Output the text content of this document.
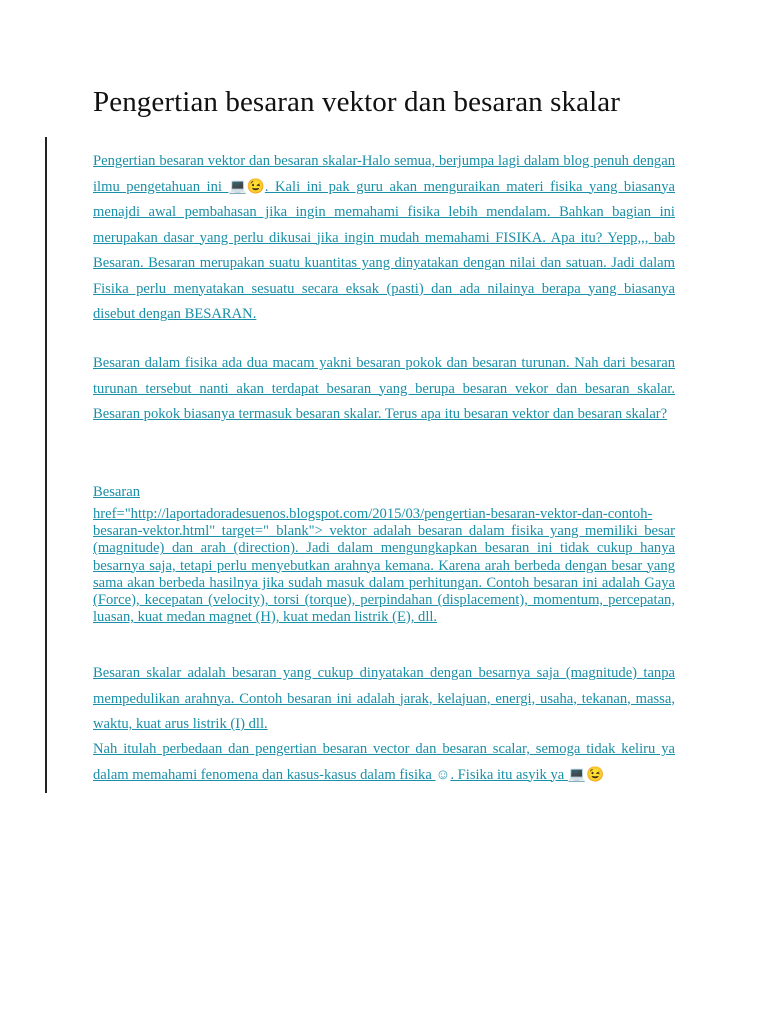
Pengertian besaran vektor dan besaran skalar

Pengertian besaran vektor dan besaran skalar-Halo semua, berjumpa lagi dalam blog penuh dengan ilmu pengetahuan ini 💻😉. Kali ini pak guru akan menguraikan materi fisika yang biasanya menajdi awal pembahasan jika ingin memahami fisika lebih mendalam. Bahkan bagian ini merupakan dasar yang perlu dikusai jika ingin mudah memahami FISIKA. Apa itu? Yepp,,, bab Besaran. Besaran merupakan suatu kuantitas yang dinyatakan dengan nilai dan satuan. Jadi dalam Fisika perlu menyatakan sesuatu secara eksak (pasti) dan ada nilainya berapa yang biasanya disebut dengan BESARAN.

Besaran dalam fisika ada dua macam yakni besaran pokok dan besaran turunan. Nah dari besaran turunan tersebut nanti akan terdapat besaran yang berupa besaran vekor dan besaran skalar. Besaran pokok biasanya termasuk besaran skalar. Terus apa itu besaran vektor dan besaran skalar?

Besaran

href="http://laportadoradesuenos.blogspot.com/2015/03/pengertian-besaran-vektor-dan-contoh-besaran-vektor.html" target="_blank"> vektor adalah besaran dalam fisika yang memiliki besar (magnitude) dan arah (direction). Jadi dalam mengungkapkan besaran ini tidak cukup hanya besarnya saja, tetapi perlu menyebutkan arahnya kemana. Karena arah berbeda dengan besar yang sama akan berbeda hasilnya jika sudah masuk dalam perhitungan. Contoh besaran ini adalah Gaya (Force), kecepatan (velocity), torsi (torque), perpindahan (displacement), momentum, percepatan, luasan, kuat medan magnet (H), kuat medan listrik (E), dll.

Besaran skalar adalah besaran yang cukup dinyatakan dengan besarnya saja (magnitude) tanpa mempedulikan arahnya. Contoh besaran ini adalah jarak, kelajuan, energi, usaha, tekanan, massa, waktu, kuat arus listrik (I) dll.

Nah itulah perbedaan dan pengertian besaran vector dan besaran scalar, semoga tidak keliru ya dalam memahami fenomena dan kasus-kasus dalam fisika ☺. Fisika itu asyik ya 💻😉
